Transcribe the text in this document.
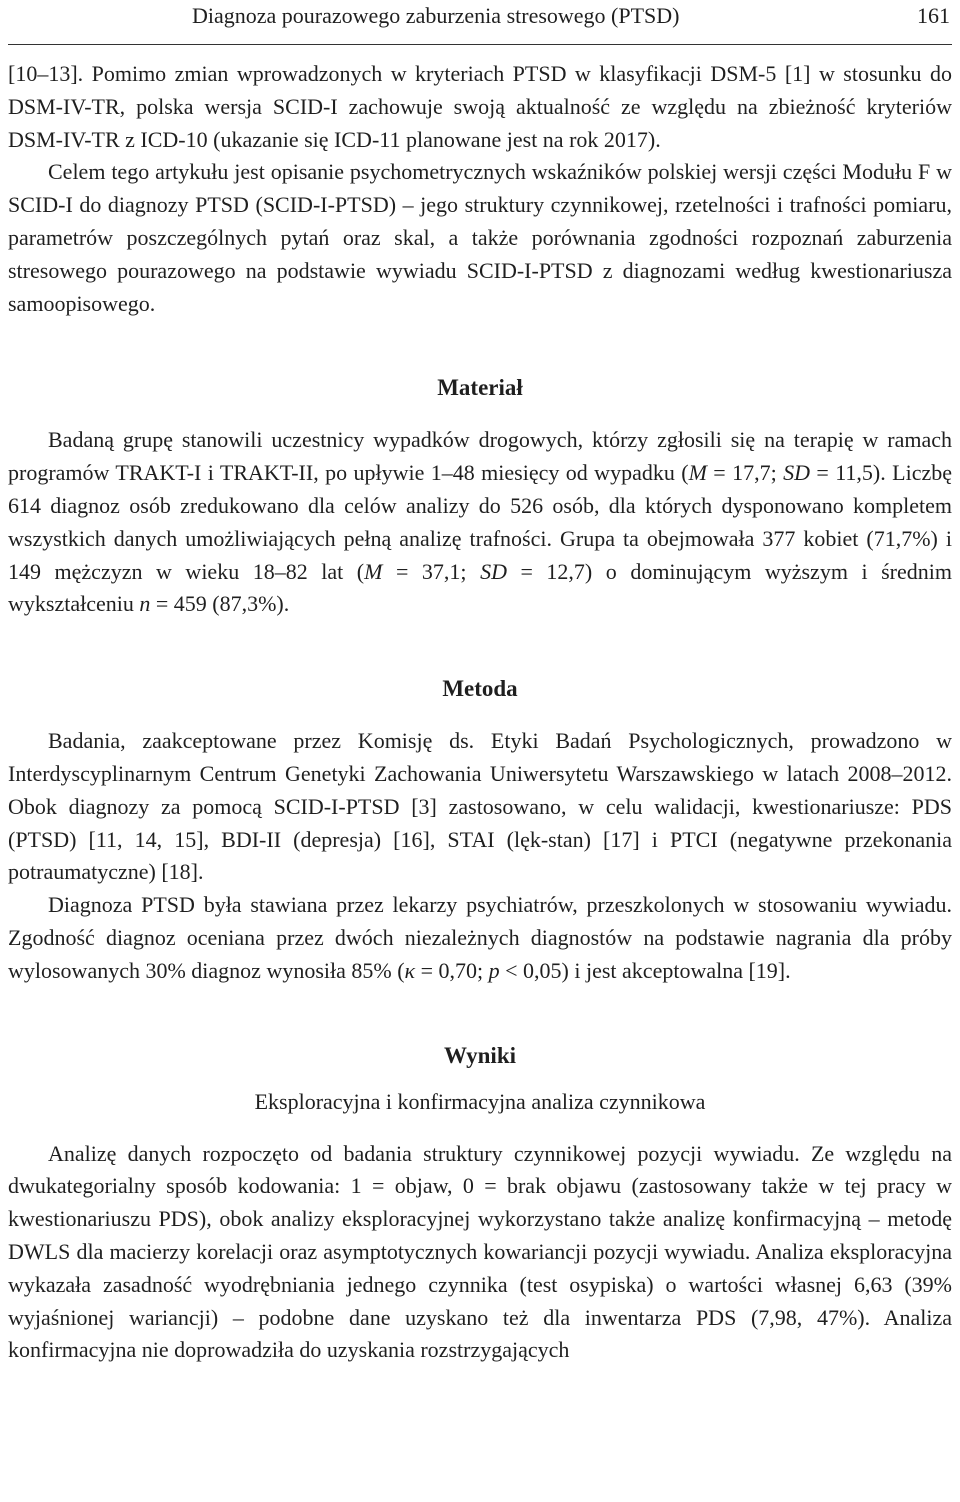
Diagnoza pourazowego zaburzenia stresowego (PTSD)	161

[10–13]. Pomimo zmian wprowadzonych w kryteriach PTSD w klasyfikacji DSM-5 [1] w stosunku do DSM-IV-TR, polska wersja SCID-I zachowuje swoją aktualność ze względu na zbieżność kryteriów DSM-IV-TR z ICD-10 (ukazanie się ICD-11 planowane jest na rok 2017).

Celem tego artykułu jest opisanie psychometrycznych wskaźników polskiej wersji części Modułu F w SCID-I do diagnozy PTSD (SCID-I-PTSD) – jego struktury czynnikowej, rzetelności i trafności pomiaru, parametrów poszczególnych pytań oraz skal, a także porównania zgodności rozpoznań zaburzenia stresowego pourazowego na podstawie wywiadu SCID-I-PTSD z diagnozami według kwestionariusza samoopisowego.

Materiał

Badaną grupę stanowili uczestnicy wypadków drogowych, którzy zgłosili się na terapię w ramach programów TRAKT-I i TRAKT-II, po upływie 1–48 miesięcy od wypadku (M = 17,7; SD = 11,5). Liczbę 614 diagnoz osób zredukowano dla celów analizy do 526 osób, dla których dysponowano kompletem wszystkich danych umożliwiających pełną analizę trafności. Grupa ta obejmowała 377 kobiet (71,7%) i 149 mężczyzn w wieku 18–82 lat (M = 37,1; SD = 12,7) o dominującym wyższym i średnim wykształceniu n = 459 (87,3%).

Metoda

Badania, zaakceptowane przez Komisję ds. Etyki Badań Psychologicznych, prowadzono w Interdyscyplinarnym Centrum Genetyki Zachowania Uniwersytetu Warszawskiego w latach 2008–2012. Obok diagnozy za pomocą SCID-I-PTSD [3] zastosowano, w celu walidacji, kwestionariusze: PDS (PTSD) [11, 14, 15], BDI-II (depresja) [16], STAI (lęk-stan) [17] i PTCI (negatywne przekonania potraumatyczne) [18].

Diagnoza PTSD była stawiana przez lekarzy psychiatrów, przeszkolonych w stosowaniu wywiadu. Zgodność diagnoz oceniana przez dwóch niezależnych diagnostów na podstawie nagrania dla próby wylosowanych 30% diagnoz wynosiła 85% (κ = 0,70; p < 0,05) i jest akceptowalna [19].

Wyniki
Eksploracyjna i konfirmacyjna analiza czynnikowa

Analizę danych rozpoczęto od badania struktury czynnikowej pozycji wywiadu. Ze względu na dwukategorialny sposób kodowania: 1 = objaw, 0 = brak objawu (zastosowany także w tej pracy w kwestionariuszu PDS), obok analizy eksploracyjnej wykorzystano także analizę konfirmacyjną – metodę DWLS dla macierzy korelacji oraz asymptotycznych kowariancji pozycji wywiadu. Analiza eksploracyjna wykazała zasadność wyodrębniania jednego czynnika (test osypiska) o wartości własnej 6,63 (39% wyjaśnionej wariancji) – podobne dane uzyskano też dla inwentarza PDS (7,98, 47%). Analiza konfirmacyjna nie doprowadziła do uzyskania rozstrzygających
